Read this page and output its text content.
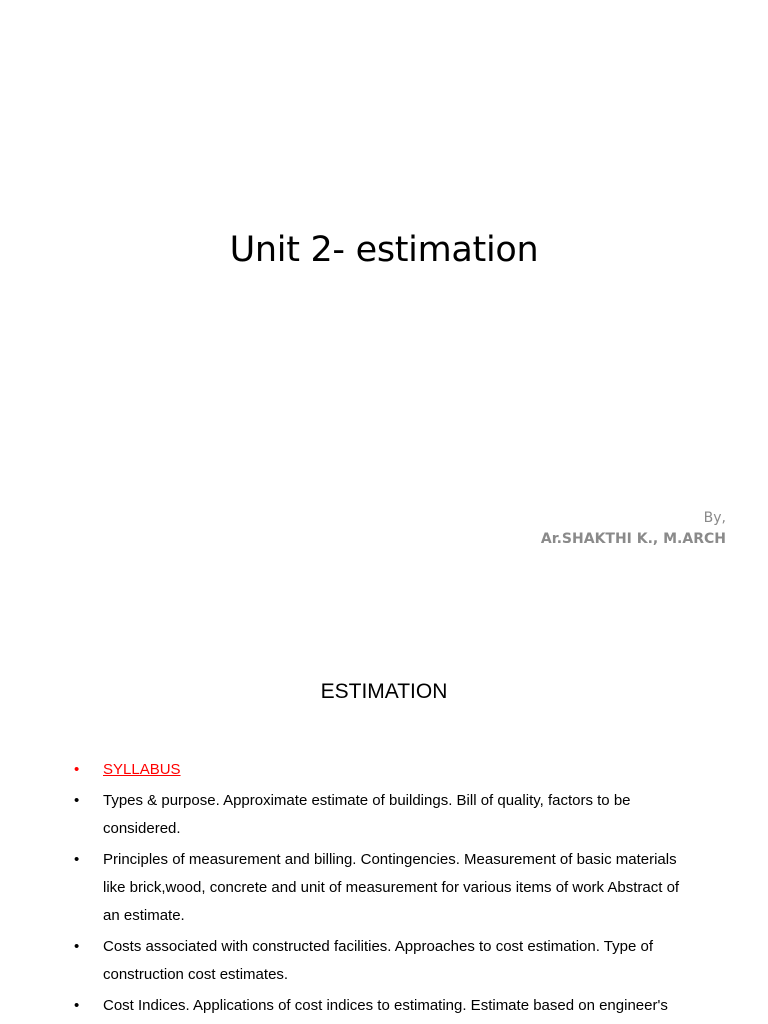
Unit 2- estimation
By,
Ar.SHAKTHI K., M.ARCH
ESTIMATION
• SYLLABUS
• Types & purpose. Approximate estimate of buildings. Bill of quality, factors to be considered.
• Principles of measurement and billing. Contingencies. Measurement of basic materials like brick,wood, concrete and unit of measurement for various items of work Abstract of an estimate.
• Costs associated with constructed facilities. Approaches to cost estimation. Type of construction cost estimates.
• Cost Indices. Applications of cost indices to estimating. Estimate based on engineer's
